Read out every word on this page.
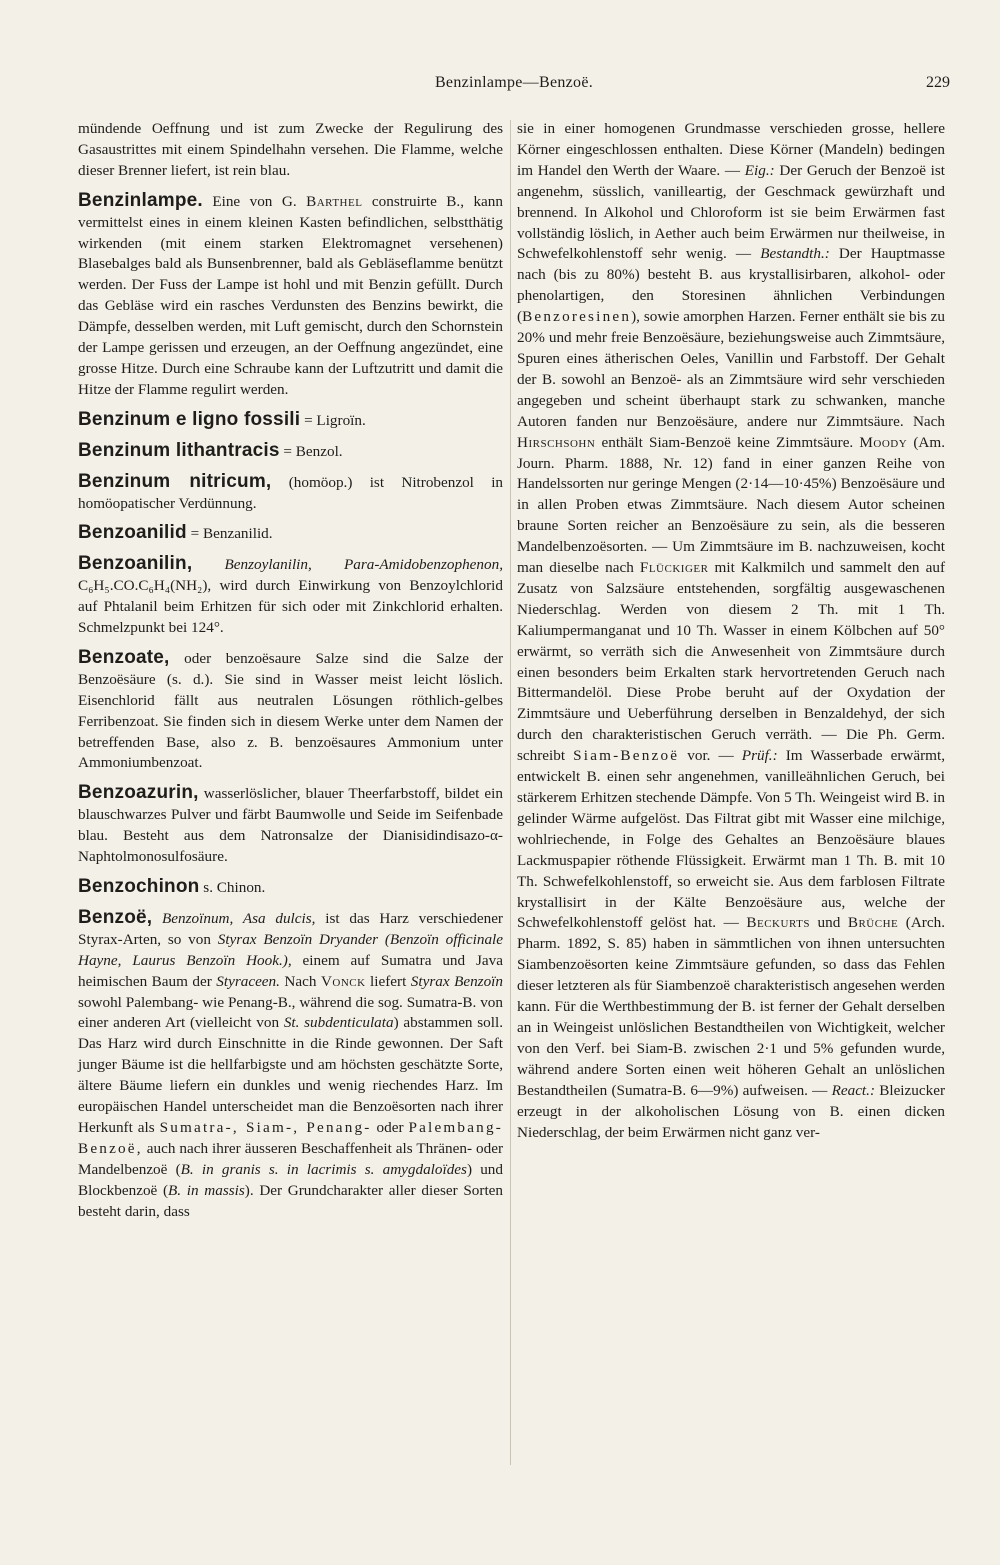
Benzinlampe—Benzoë.	229

mündende Oeffnung und ist zum Zwecke der Regulirung des Gasaustrittes mit einem Spindelhahn versehen. Die Flamme, welche dieser Brenner liefert, ist rein blau.

Benzinlampe. Eine von G. Barthel construirte B., kann vermittelst eines in einem kleinen Kasten befindlichen, selbstthätig wirkenden (mit einem starken Elektromagnet versehenen) Blasebalges bald als Bunsenbrenner, bald als Gebläseflamme benützt werden. Der Fuss der Lampe ist hohl und mit Benzin gefüllt. Durch das Gebläse wird ein rasches Verdunsten des Benzins bewirkt, die Dämpfe, desselben werden, mit Luft gemischt, durch den Schornstein der Lampe gerissen und erzeugen, an der Oeffnung angezündet, eine grosse Hitze. Durch eine Schraube kann der Luftzutritt und damit die Hitze der Flamme regulirt werden.

Benzinum e ligno fossili = Ligroïn.

Benzinum lithantracis = Benzol.

Benzinum nitricum, (homöop.) ist Nitrobenzol in homöopatischer Verdünnung.

Benzoanilid = Benzanilid.

Benzoanilin, Benzoylanilin, Para-Amidobenzophenon, C₆H₅.CO.C₆H₄(NH₂), wird durch Einwirkung von Benzoylchlorid auf Phtalanil beim Erhitzen für sich oder mit Zinkchlorid erhalten. Schmelzpunkt bei 124°.

Benzoate, oder benzoësaure Salze sind die Salze der Benzoësäure (s. d.). Sie sind in Wasser meist leicht löslich. Eisenchlorid fällt aus neutralen Lösungen röthlich-gelbes Ferribenzoat. Sie finden sich in diesem Werke unter dem Namen der betreffenden Base, also z. B. benzoësaures Ammonium unter Ammoniumbenzoat.

Benzoazurin, wasserlöslicher, blauer Theerfarbstoff, bildet ein blauschwarzes Pulver und färbt Baumwolle und Seide im Seifenbade blau. Besteht aus dem Natronsalze der Dianisidindisazo-α-Naphtolmonosulfosäure.

Benzochinon s. Chinon.

Benzoë, Benzoïnum, Asa dulcis, ist das Harz verschiedener Styrax-Arten, so von Styrax Benzoïn Dryander (Benzoïn officinale Hayne, Laurus Benzoïn Hook.), einem auf Sumatra und Java heimischen Baum der Styraceen. Nach Vonck liefert Styrax Benzoïn sowohl Palembang- wie Penang-B., während die sog. Sumatra-B. von einer anderen Art (vielleicht von St. subdenticulata) abstammen soll. Das Harz wird durch Einschnitte in die Rinde gewonnen. Der Saft junger Bäume ist die hellfarbigste und am höchsten geschätzte Sorte, ältere Bäume liefern ein dunkles und wenig riechendes Harz. Im europäischen Handel unterscheidet man die Benzoësorten nach ihrer Herkunft als Sumatra-, Siam-, Penang- oder Palembang-Benzoë, auch nach ihrer äusseren Beschaffenheit als Thränen- oder Mandelbenzoë (B. in granis s. in lacrimis s. amygdaloïdes) und Blockbenzoë (B. in massis). Der Grundcharakter aller dieser Sorten besteht darin, dass

sie in einer homogenen Grundmasse verschieden grosse, hellere Körner eingeschlossen enthalten. Diese Körner (Mandeln) bedingen im Handel den Werth der Waare. — Eig.: Der Geruch der Benzoë ist angenehm, süsslich, vanilleartig, der Geschmack gewürzhaft und brennend. In Alkohol und Chloroform ist sie beim Erwärmen fast vollständig löslich, in Aether auch beim Erwärmen nur theilweise, in Schwefelkohlenstoff sehr wenig. — Bestandth.: Der Hauptmasse nach (bis zu 80%) besteht B. aus krystallisirbaren, alkohol- oder phenolartigen, den Storesinen ähnlichen Verbindungen (Benzoresinen), sowie amorphen Harzen. Ferner enthält sie bis zu 20% und mehr freie Benzoësäure, beziehungsweise auch Zimmtsäure, Spuren eines ätherischen Oeles, Vanillin und Farbstoff. Der Gehalt der B. sowohl an Benzoë- als an Zimmtsäure wird sehr verschieden angegeben und scheint überhaupt stark zu schwanken, manche Autoren fanden nur Benzoësäure, andere nur Zimmtsäure. Nach Hirschsohn enthält Siam-Benzoë keine Zimmtsäure. Moody (Am. Journ. Pharm. 1888, Nr. 12) fand in einer ganzen Reihe von Handelssorten nur geringe Mengen (2·14—10·45%) Benzoësäure und in allen Proben etwas Zimmtsäure. Nach diesem Autor scheinen braune Sorten reicher an Benzoësäure zu sein, als die besseren Mandelbenzoësorten. — Um Zimmtsäure im B. nachzuweisen, kocht man dieselbe nach Flückiger mit Kalkmilch und sammelt den auf Zusatz von Salzsäure entstehenden, sorgfältig ausgewaschenen Niederschlag. Werden von diesem 2 Th. mit 1 Th. Kaliumpermanganat und 10 Th. Wasser in einem Kölbchen auf 50° erwärmt, so verräth sich die Anwesenheit von Zimmtsäure durch einen besonders beim Erkalten stark hervortretenden Geruch nach Bittermandelöl. Diese Probe beruht auf der Oxydation der Zimmtsäure und Ueberführung derselben in Benzaldehyd, der sich durch den charakteristischen Geruch verräth. — Die Ph. Germ. schreibt Siam-Benzoë vor. — Prüf.: Im Wasserbade erwärmt, entwickelt B. einen sehr angenehmen, vanilleähnlichen Geruch, bei stärkerem Erhitzen stechende Dämpfe. Von 5 Th. Weingeist wird B. in gelinder Wärme aufgelöst. Das Filtrat gibt mit Wasser eine milchige, wohlriechende, in Folge des Gehaltes an Benzoësäure blaues Lackmuspapier röthende Flüssigkeit. Erwärmt man 1 Th. B. mit 10 Th. Schwefelkohlenstoff, so erweicht sie. Aus dem farblosen Filtrate krystallisirt in der Kälte Benzoësäure aus, welche der Schwefelkohlenstoff gelöst hat. — Beckurts und Brüche (Arch. Pharm. 1892, S. 85) haben in sämmtlichen von ihnen untersuchten Siambenzoësorten keine Zimmtsäure gefunden, so dass das Fehlen dieser letzteren als für Siambenzoë charakteristisch angesehen werden kann. Für die Werthbestimmung der B. ist ferner der Gehalt derselben an in Weingeist unlöslichen Bestandtheilen von Wichtigkeit, welcher von den Verf. bei Siam-B. zwischen 2·1 und 5% gefunden wurde, während andere Sorten einen weit höheren Gehalt an unlöslichen Bestandtheilen (Sumatra-B. 6—9%) aufweisen. — React.: Bleizucker erzeugt in der alkoholischen Lösung von B. einen dicken Niederschlag, der beim Erwärmen nicht ganz ver-
